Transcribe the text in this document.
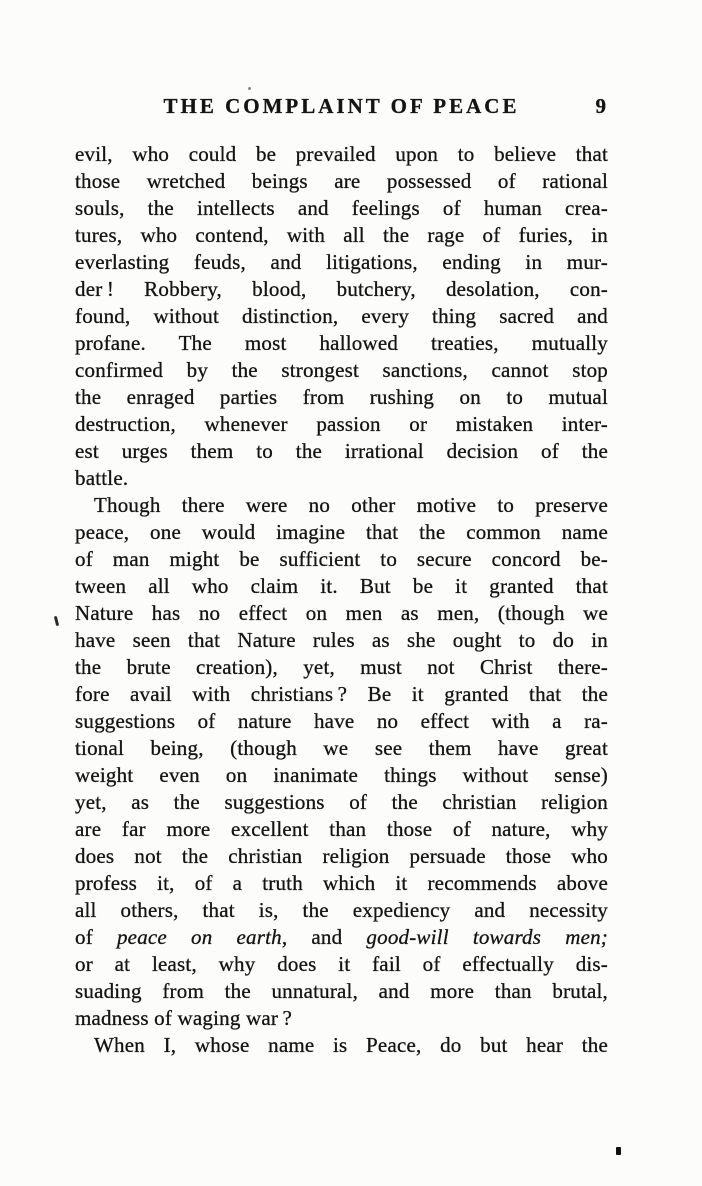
THE COMPLAINT OF PEACE	9
evil, who could be prevailed upon to believe that
those wretched beings are possessed of rational
souls, the intellects and feelings of human crea-
tures, who contend, with all the rage of furies, in
everlasting feuds, and litigations, ending in mur-
der ! Robbery, blood, butchery, desolation, con-
found, without distinction, every thing sacred and
profane. The most hallowed treaties, mutually
confirmed by the strongest sanctions, cannot stop
the enraged parties from rushing on to mutual
destruction, whenever passion or mistaken inter-
est urges them to the irrational decision of the
battle.
Though there were no other motive to preserve
peace, one would imagine that the common name
of man might be sufficient to secure concord be-
tween all who claim it. But be it granted that
Nature has no effect on men as men, (though we
have seen that Nature rules as she ought to do in
the brute creation), yet, must not Christ there-
fore avail with christians ? Be it granted that the
suggestions of nature have no effect with a ra-
tional being, (though we see them have great
weight even on inanimate things without sense)
yet, as the suggestions of the christian religion
are far more excellent than those of nature, why
does not the christian religion persuade those who
profess it, of a truth which it recommends above
all others, that is, the expediency and necessity
of peace on earth, and good-will towards men;
or at least, why does it fail of effectually dis-
suading from the unnatural, and more than brutal,
madness of waging war ?
When I, whose name is Peace, do but hear the
